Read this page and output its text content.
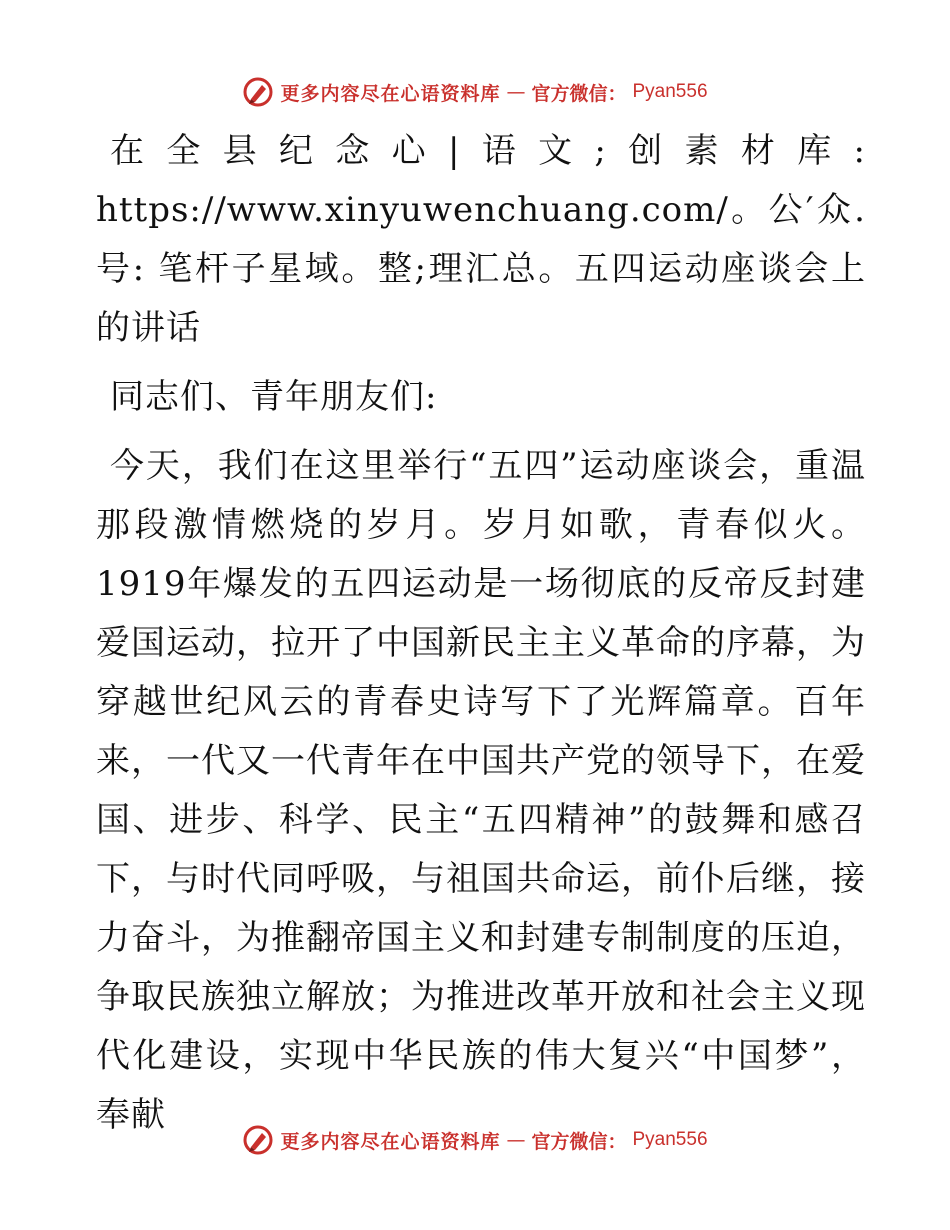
更多内容尽在心语资料库 — 官方微信： Pyan556

在全县纪念心|语文;创素材库: https://www.xinyuwenchuang.com/。公′众.号: 笔杆子星域。整;理汇总。五四运动座谈会上的讲话

同志们、青年朋友们:

今天，我们在这里举行“五四”运动座谈会，重温那段激情燃烧的岁月。岁月如歌，青春似火。1919年爆发的五四运动是一场彻底的反帝反封建爱国运动，拉开了中国新民主主义革命的序幕，为穿越世纪风云的青春史诗写下了光辉篇章。百年来，一代又一代青年在中国共产党的领导下，在爱国、进步、科学、民主“五四精神”的鼓舞和感召下，与时代同呼吸，与祖国共命运，前仆后继，接力奋斗，为推翻帝国主义和封建专制制度的压迫，争取民族独立解放；为推进改革开放和社会主义现代化建设，实现中华民族的伟大复兴“中国梦”，奉献

更多内容尽在心语资料库 — 官方微信： Pyan556
